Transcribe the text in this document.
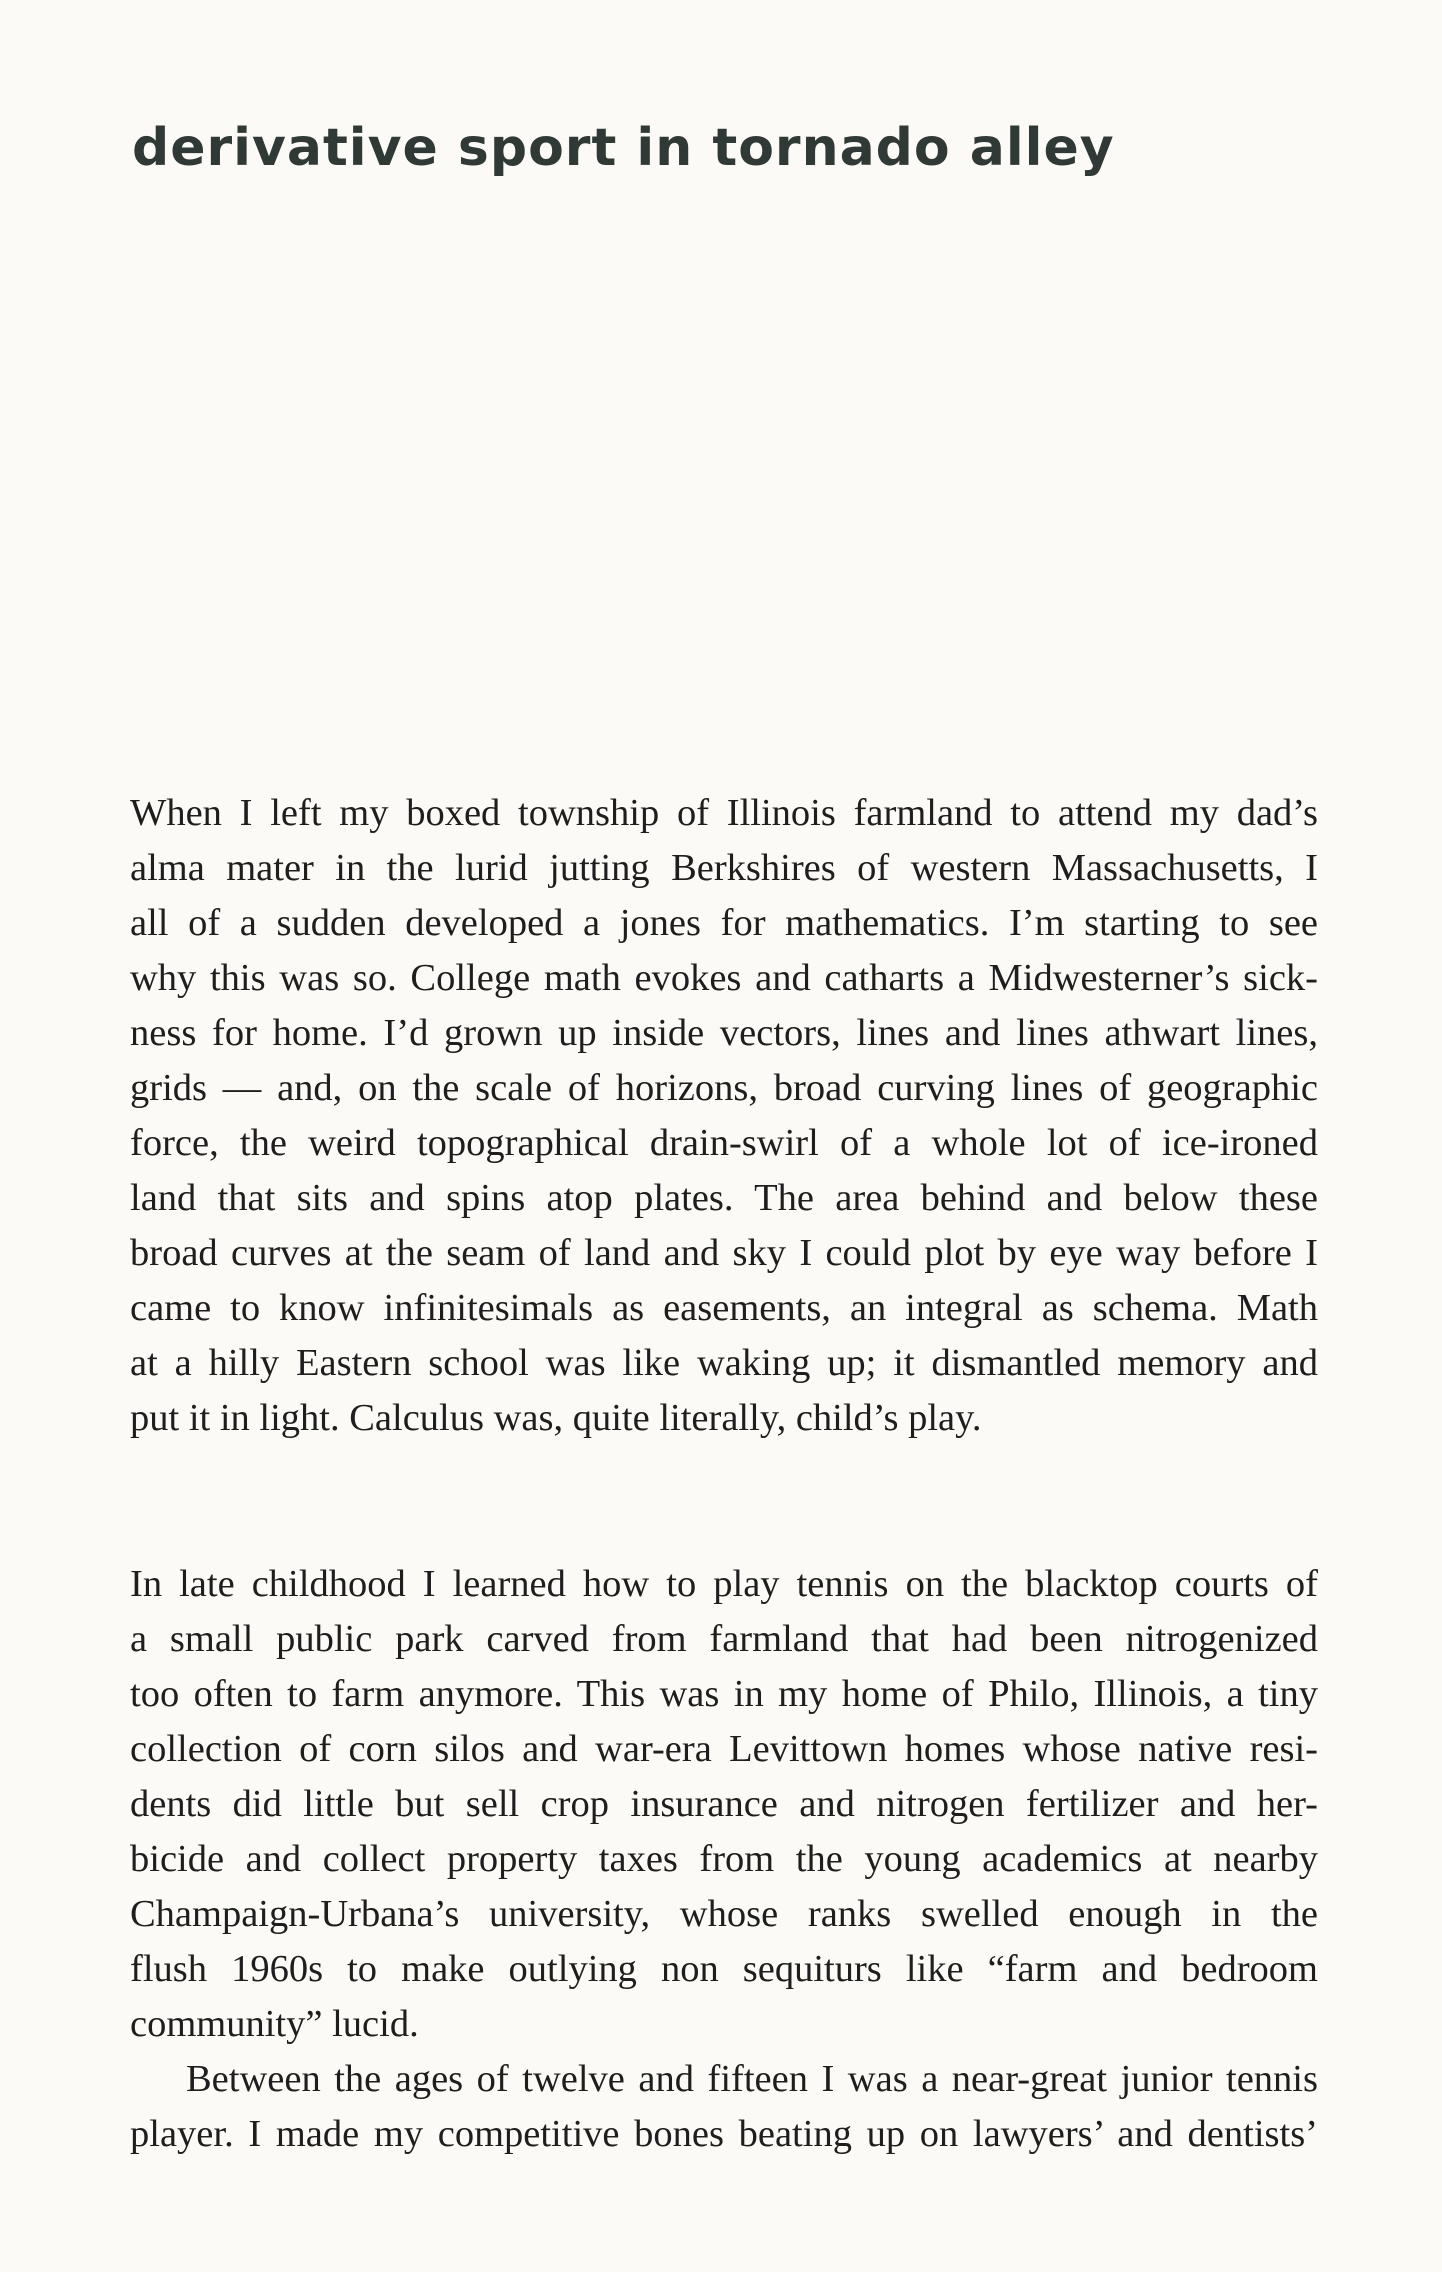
derivative sport in tornado alley

When I left my boxed township of Illinois farmland to attend my dad’s
alma mater in the lurid jutting Berkshires of western Massachusetts, I
all of a sudden developed a jones for mathematics. I’m starting to see
why this was so. College math evokes and catharts a Midwesterner’s sick-
ness for home. I’d grown up inside vectors, lines and lines athwart lines,
grids — and, on the scale of horizons, broad curving lines of geographic
force, the weird topographical drain-swirl of a whole lot of ice-ironed
land that sits and spins atop plates. The area behind and below these
broad curves at the seam of land and sky I could plot by eye way before I
came to know infinitesimals as easements, an integral as schema. Math
at a hilly Eastern school was like waking up; it dismantled memory and
put it in light. Calculus was, quite literally, child’s play.

In late childhood I learned how to play tennis on the blacktop courts of
a small public park carved from farmland that had been nitrogenized
too often to farm anymore. This was in my home of Philo, Illinois, a tiny
collection of corn silos and war-era Levittown homes whose native resi-
dents did little but sell crop insurance and nitrogen fertilizer and her-
bicide and collect property taxes from the young academics at nearby
Champaign-Urbana’s university, whose ranks swelled enough in the
flush 1960s to make outlying non sequiturs like “farm and bedroom
community” lucid.

Between the ages of twelve and fifteen I was a near-great junior tennis
player. I made my competitive bones beating up on lawyers’ and dentists’
